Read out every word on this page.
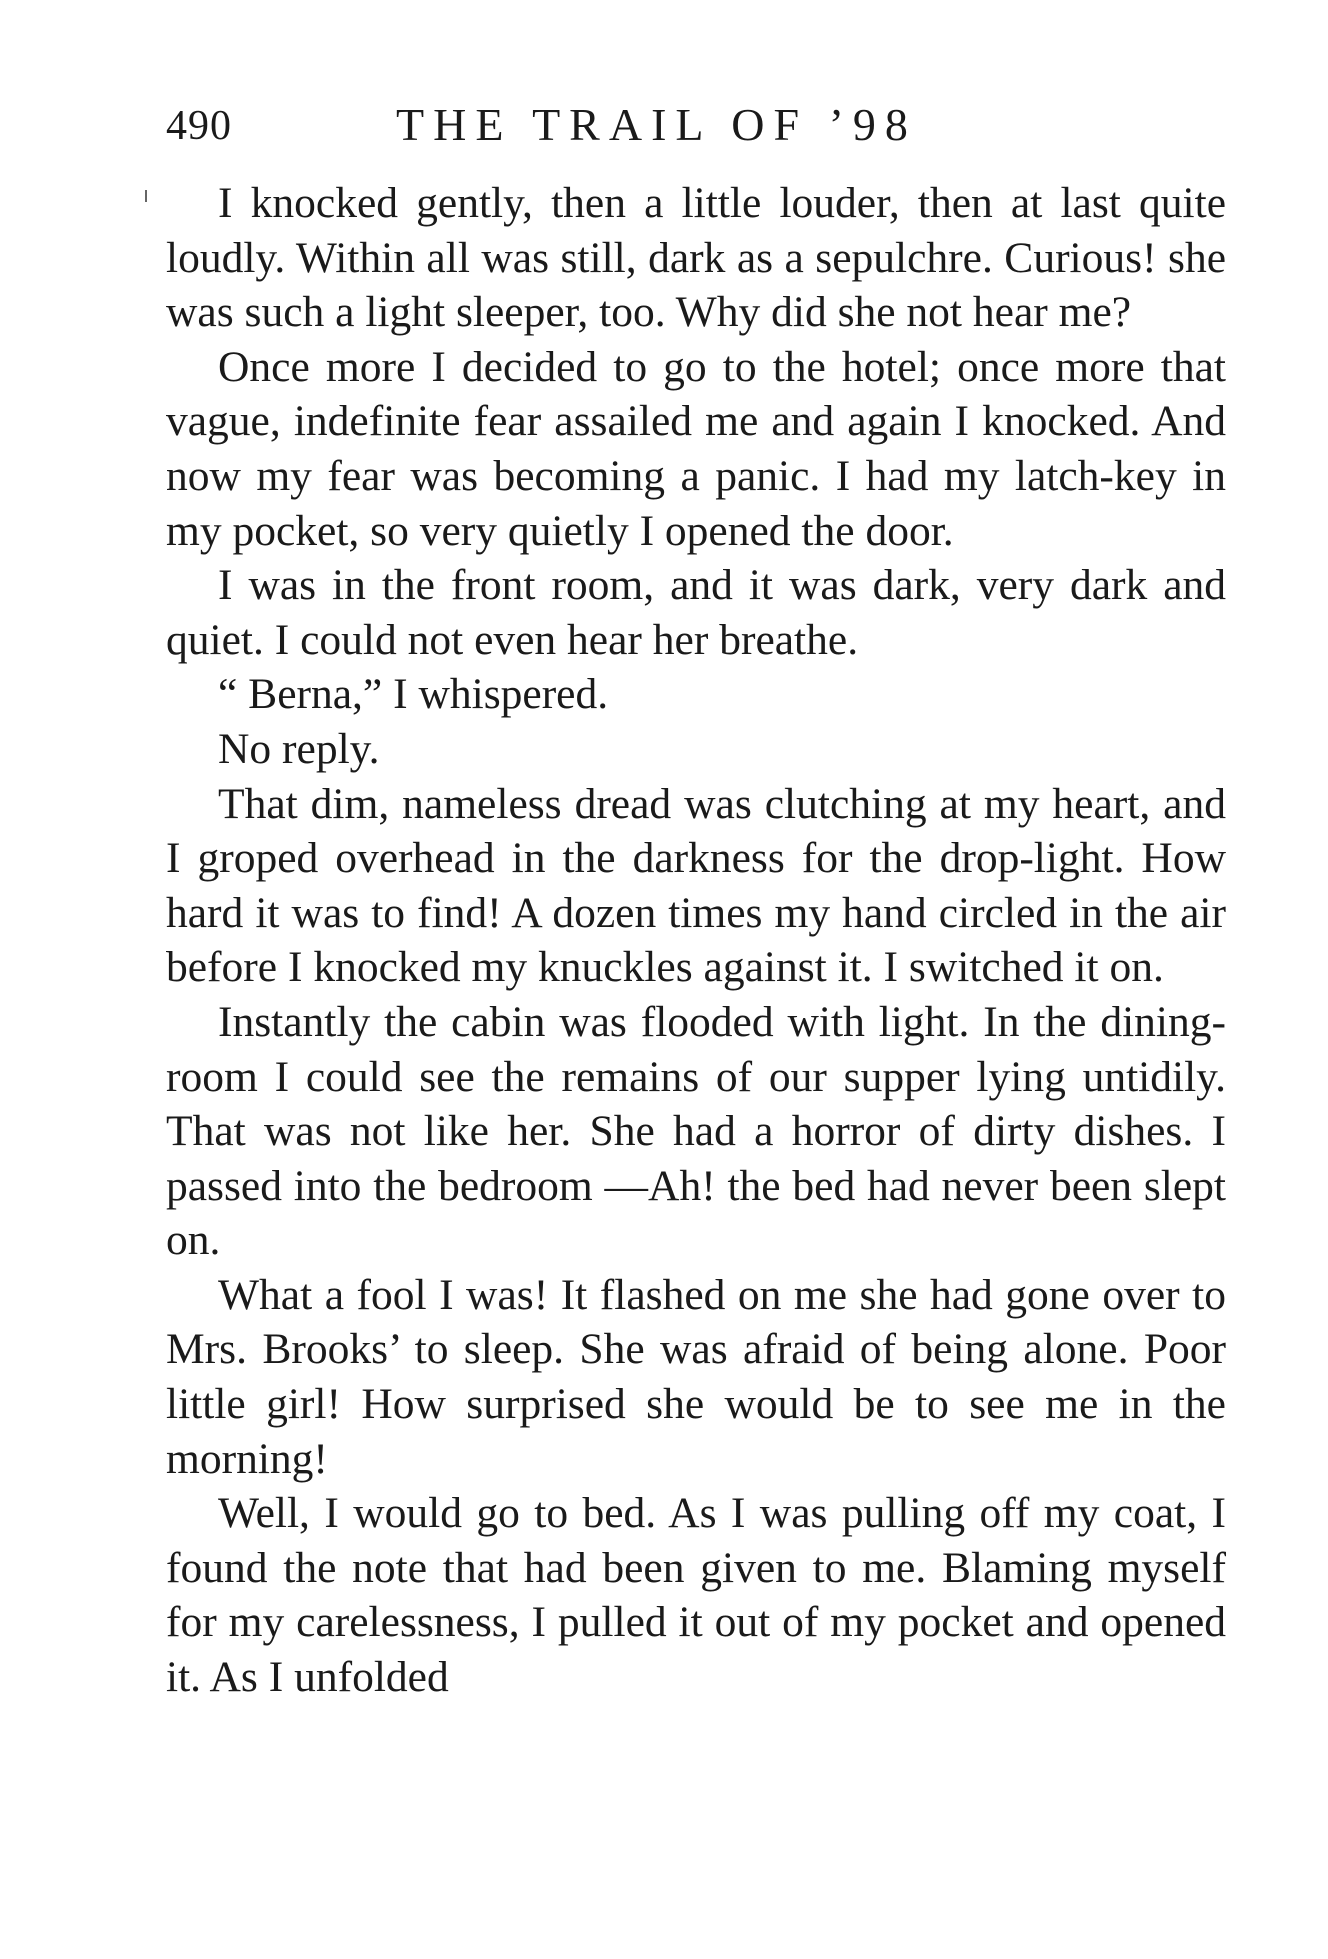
490	THE TRAIL OF ’98

I knocked gently, then a little louder, then at last quite loudly. Within all was still, dark as a sepulchre. Curious! she was such a light sleeper, too. Why did she not hear me?

Once more I decided to go to the hotel; once more that vague, indefinite fear assailed me and again I knocked. And now my fear was becoming a panic. I had my latch-key in my pocket, so very quietly I opened the door.

I was in the front room, and it was dark, very dark and quiet. I could not even hear her breathe.

“ Berna,” I whispered.

No reply.

That dim, nameless dread was clutching at my heart, and I groped overhead in the darkness for the drop-light. How hard it was to find! A dozen times my hand circled in the air before I knocked my knuckles against it. I switched it on.

Instantly the cabin was flooded with light. In the dining-room I could see the remains of our supper lying untidily. That was not like her. She had a horror of dirty dishes. I passed into the bedroom —Ah! the bed had never been slept on.

What a fool I was! It flashed on me she had gone over to Mrs. Brooks’ to sleep. She was afraid of being alone. Poor little girl! How surprised she would be to see me in the morning!

Well, I would go to bed. As I was pulling off my coat, I found the note that had been given to me. Blaming myself for my carelessness, I pulled it out of my pocket and opened it. As I unfolded
